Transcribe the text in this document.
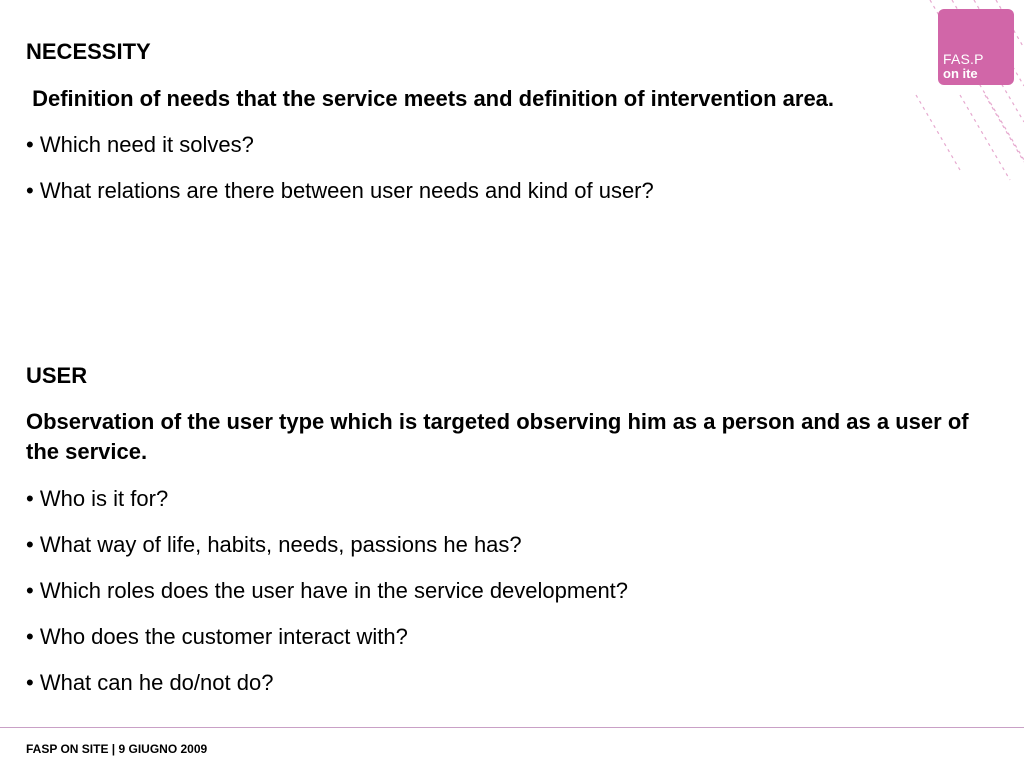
FAS.P
on ite
NECESSITY
Definition of needs that the service meets and definition of intervention area.
• Which need it solves?
• What relations are there between user needs and kind of user?
USER
Observation of the user type which is targeted observing him as a person and as a user of the service.
• Who is it for?
• What way of life, habits, needs, passions he has?
• Which roles does the user have in the service development?
• Who does the customer interact with?
• What can he do/not do?
FASP ON SITE | 9 GIUGNO 2009
